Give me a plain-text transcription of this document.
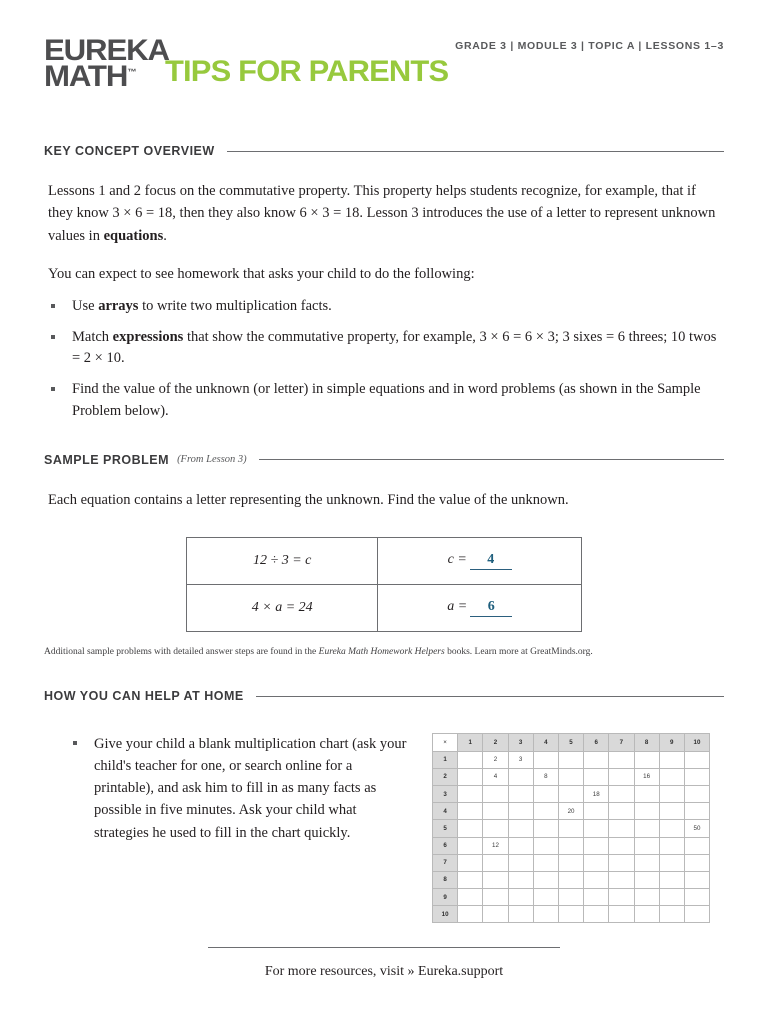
GRADE 3 | MODULE 3 | TOPIC A | LESSONS 1–3
EUREKA
MATH™ TIPS FOR PARENTS
KEY CONCEPT OVERVIEW

Lessons 1 and 2 focus on the commutative property. This property helps students recognize, for example, that if they know 3 × 6 = 18, then they also know 6 × 3 = 18. Lesson 3 introduces the use of a letter to represent unknown values in equations.

You can expect to see homework that asks your child to do the following:

Use arrays to write two multiplication facts.
Match expressions that show the commutative property, for example, 3 × 6 = 6 × 3; 3 sixes = 6 threes; 10 twos = 2 × 10.
Find the value of the unknown (or letter) in simple equations and in word problems (as shown in the Sample Problem below).
SAMPLE PROBLEM (From Lesson 3)

Each equation contains a letter representing the unknown. Find the value of the unknown.

12 ÷ 3 = c	c = 4
4 × a = 24	a = 6

Additional sample problems with detailed answer steps are found in the Eureka Math Homework Helpers books. Learn more at GreatMinds.org.

HOW YOU CAN HELP AT HOME
Give your child a blank multiplication chart (ask your child's teacher for one, or search online for a printable), and ask him to fill in as many facts as possible in five minutes. Ask your child what strategies he used to fill in the chart quickly.
×	1	2	3	4	5	6	7	8	9	10
1		2	3							
2		4		8				16		
3						18				
4					20					
5										50
6		12								
7										
8										
9										
10										
For more resources, visit » Eureka.support
